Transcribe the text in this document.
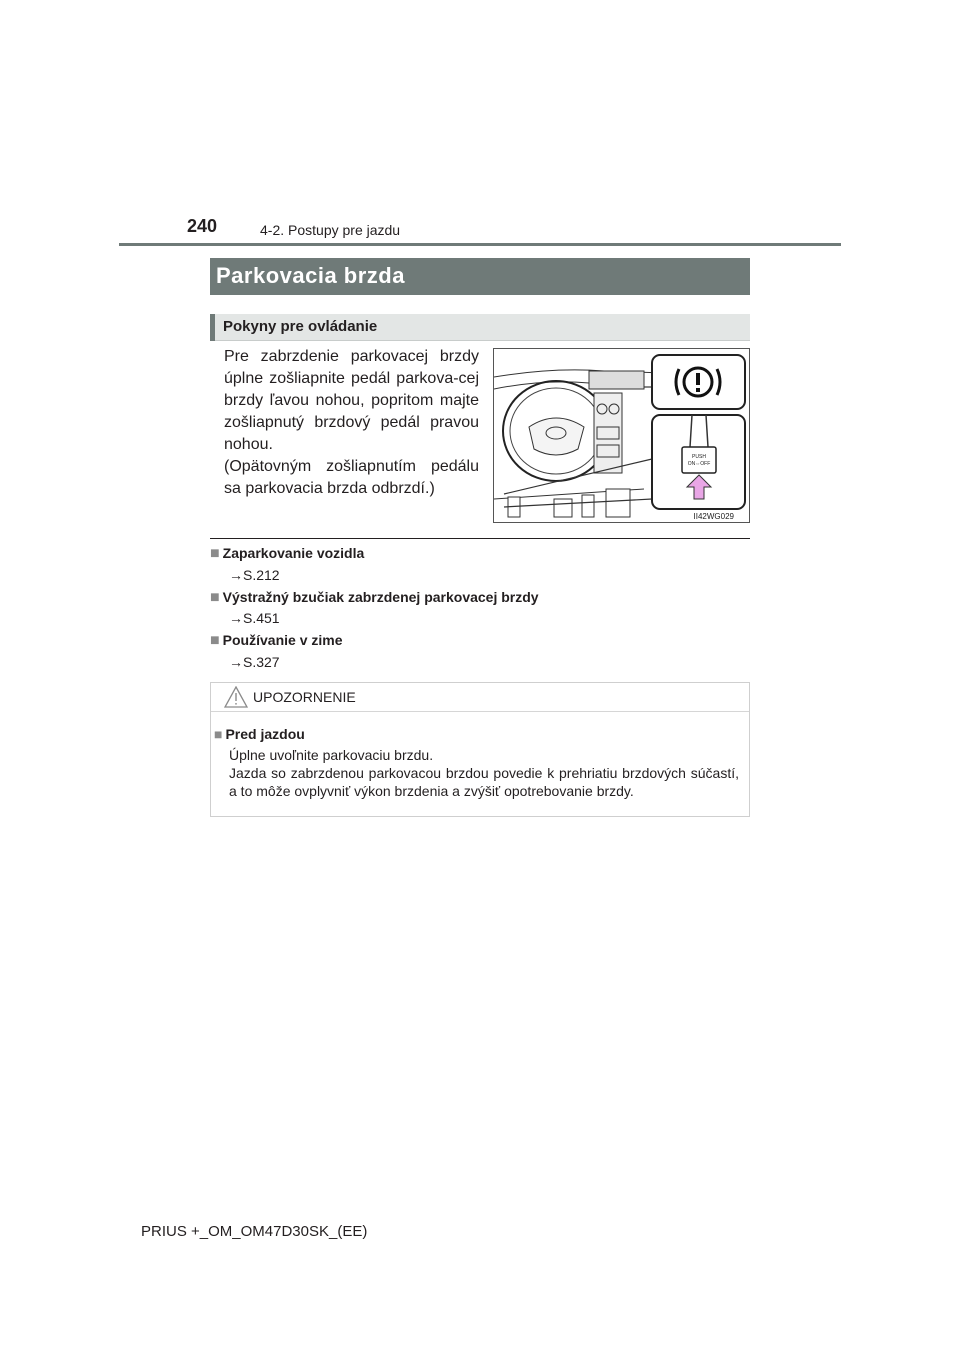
240	4-2. Postupy pre jazdu
Parkovacia brzda
Pokyny pre ovládanie

Pre zabrzdenie parkovacej brzdy úplne zošliapnite pedál parkova-cej brzdy ľavou nohou, popritom majte zošliapnutý brzdový pedál pravou nohou.

(Opätovným zošliapnutím pedálu sa parkovacia brzda odbrzdí.)

PUSH
ON⇔OFF
II42WG029
■ Zaparkovanie vozidla
→S.212
■ Výstražný bzučiak zabrzdenej parkovacej brzdy
→S.451
■ Používanie v zime
→S.327
UPOZORNENIE
■ Pred jazdou

Úplne uvoľnite parkovaciu brzdu.

Jazda so zabrzdenou parkovacou brzdou povedie k prehriatiu brzdových súčastí, a to môže ovplyvniť výkon brzdenia a zvýšiť opotrebovanie brzdy.

PRIUS +_OM_OM47D30SK_(EE)
